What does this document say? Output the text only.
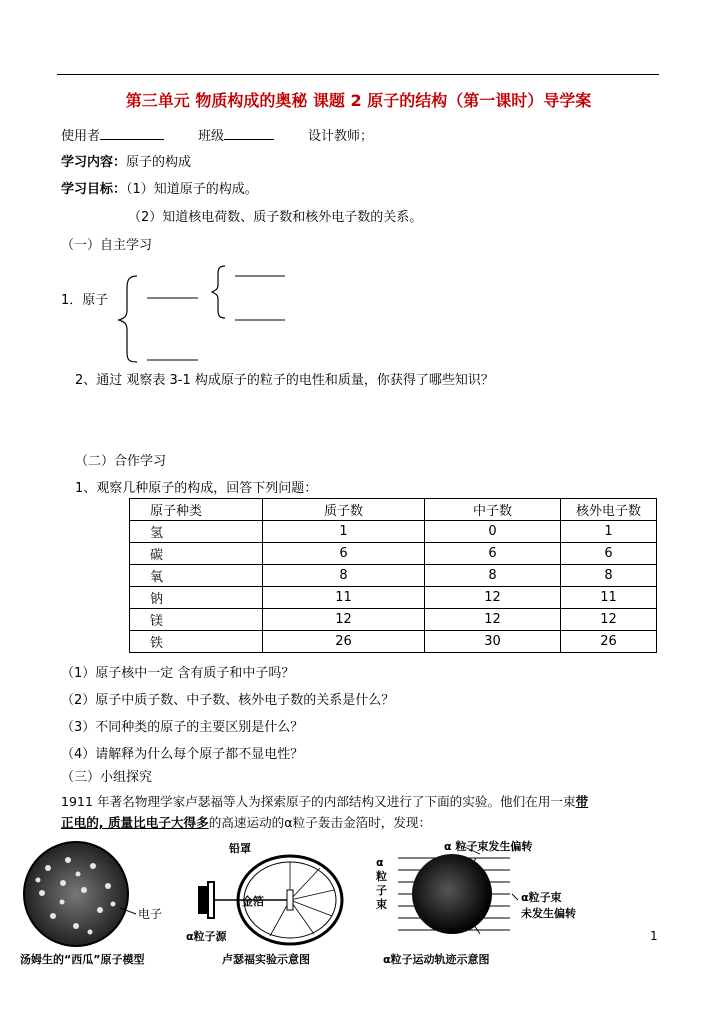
第三单元 物质构成的奥秘 课题 2 原子的结构（第一课时）导学案
使用者	班级	设计教师；
学习内容：原子的构成
学习目标：（1）知道原子的构成。
（2）知道核电荷数、质子数和核外电子数的关系。
（一）自主学习
1．原子
2、通过 观察表 3-1 构成原子的粒子的电性和质量，你获得了哪些知识？
（二）合作学习
1、观察几种原子的构成，回答下列问题：
原子种类	质子数	中子数	核外电子数
氢	1	0	1
碳	6	6	6
氧	8	8	8
钠	11	12	11
镁	12	12	12
铁	26	30	26
（1）原子核中一定 含有质子和中子吗？
（2）原子中质子数、中子数、核外电子数的关系是什么？
（3）不同种类的原子的主要区别是什么？
（4）请解释为什么每个原子都不显电性？
（三）小组探究
1911 年著名物理学家卢瑟福等人为探索原子的内部结构又进行了下面的实验。他们在用一束带
正电的, 质量比电子大得多的高速运动的α粒子轰击金箔时，发现：
电子
汤姆生的“西瓜”原子模型
铅罩
金箔
α粒子源
卢瑟福实验示意图
α 粒 子 束
α 粒子束发生偏转
α粒子束
未发生偏转
α粒子运动轨迹示意图
1
